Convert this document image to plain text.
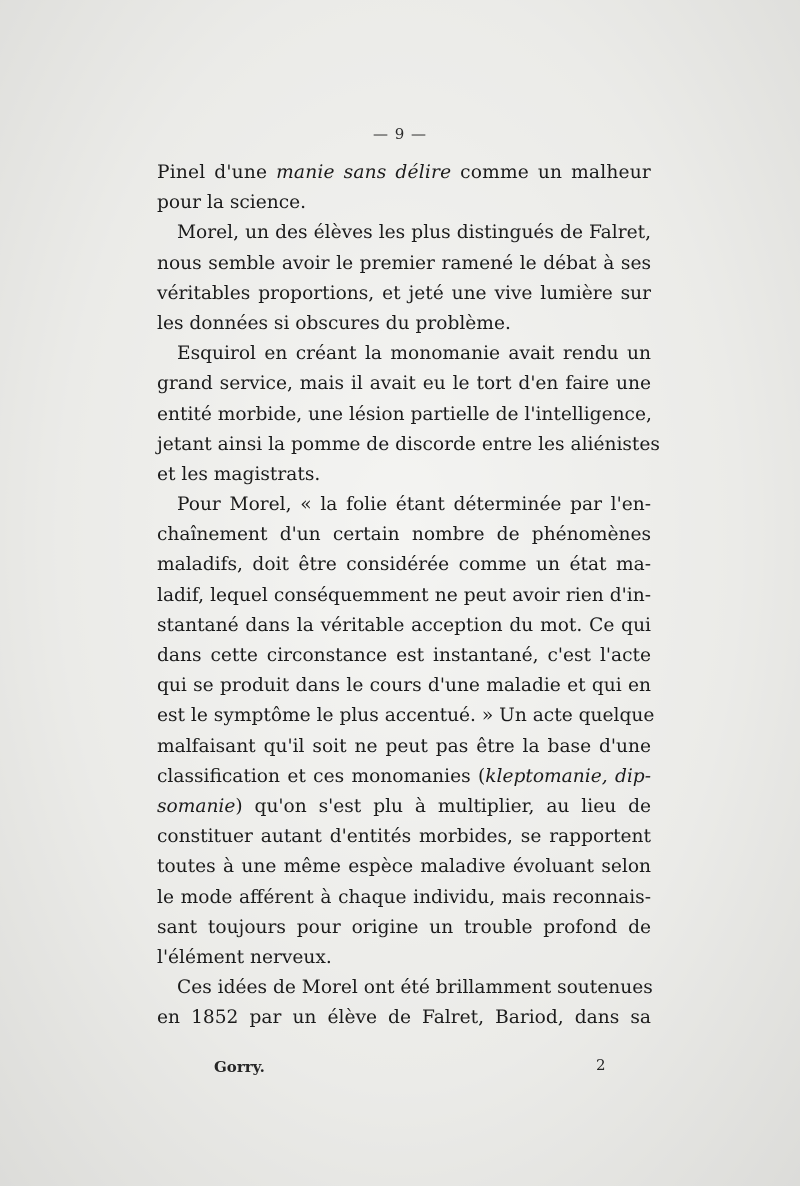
— 9 —
Pinel d'une manie sans délire comme un malheur
pour la science.
Morel, un des élèves les plus distingués de Falret,
nous semble avoir le premier ramené le débat à ses
véritables proportions, et jeté une vive lumière sur
les données si obscures du problème.
Esquirol en créant la monomanie avait rendu un
grand service, mais il avait eu le tort d'en faire une
entité morbide, une lésion partielle de l'intelligence,
jetant ainsi la pomme de discorde entre les aliénistes
et les magistrats.
Pour Morel, « la folie étant déterminée par l'en-
chaînement d'un certain nombre de phénomènes
maladifs, doit être considérée comme un état ma-
ladif, lequel conséquemment ne peut avoir rien d'in-
stantané dans la véritable acception du mot. Ce qui
dans cette circonstance est instantané, c'est l'acte
qui se produit dans le cours d'une maladie et qui en
est le symptôme le plus accentué. » Un acte quelque
malfaisant qu'il soit ne peut pas être la base d'une
classification et ces monomanies (kleptomanie, dip-
somanie) qu'on s'est plu à multiplier, au lieu de
constituer autant d'entités morbides, se rapportent
toutes à une même espèce maladive évoluant selon
le mode afférent à chaque individu, mais reconnais-
sant toujours pour origine un trouble profond de
l'élément nerveux.
Ces idées de Morel ont été brillamment soutenues
en 1852 par un élève de Falret, Bariod, dans sa
Gorry.	2
